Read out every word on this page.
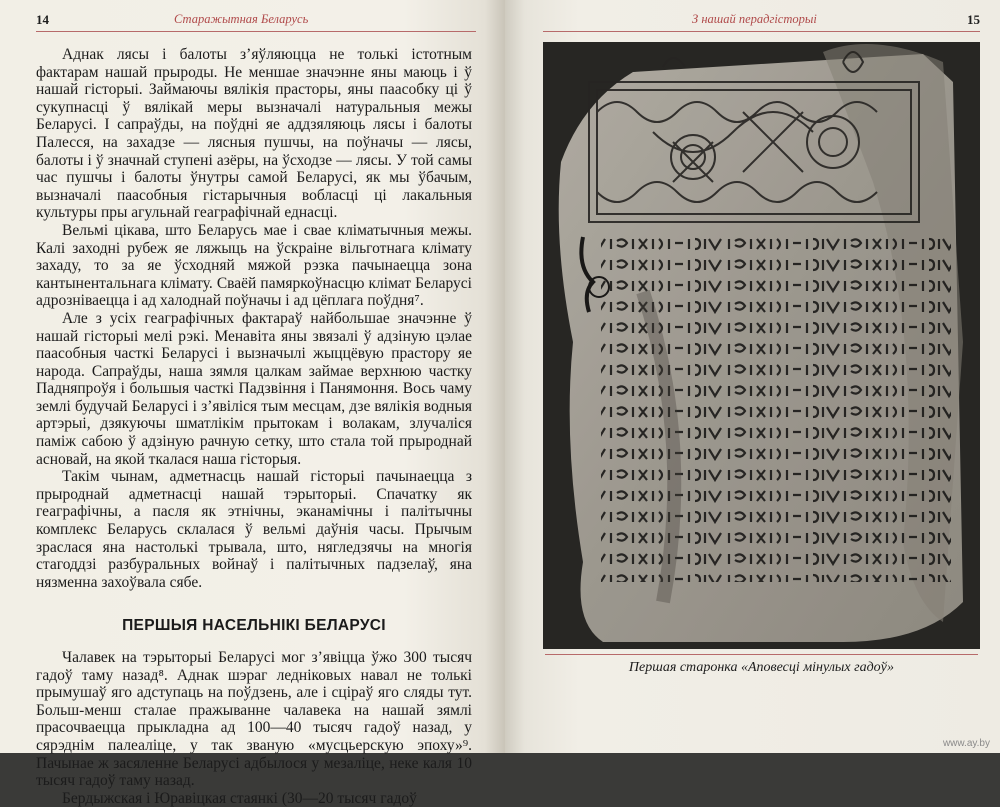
14	Старажытная Беларусь

Аднак лясы і балоты з’яўляюцца не толькі істотным фактарам нашай прыроды. Не меншае значэнне яны маюць і ў нашай гісторыі. Займаючы вялікія прасторы, яны паасобку ці ў сукупнасці ў вялікай меры вызначалі натуральныя межы Беларусі. І сапраўды, на поўдні яе аддзяляюць лясы і балоты Палесся, на захадзе — лясныя пушчы, на поўначы — лясы, балоты і ў значнай ступені азёры, на ўсходзе — лясы. У той самы час пушчы і балоты ўнутры самой Беларусі, як мы ўбачым, вызначалі паасобныя гістарычныя вобласці ці лакальныя культуры пры агульнай геаграфічнай еднасці.

Вельмі цікава, што Беларусь мае і свае кліматычныя межы. Калі заходні рубеж яе ляжыць на ўскраіне вільготнага клімату захаду, то за яе ўсходняй мяжой рэзка пачынаецца зона кантынентальнага клімату. Сваёй памяркоўнасцю клімат Беларусі адрозніваецца і ад халоднай поўначы і ад цёплага поўдня⁷.

Але з усіх геаграфічных фактараў найбольшае значэнне ў нашай гісторыі мелі рэкі. Менавіта яны звязалі ў адзіную цэлае паасобныя часткі Беларусі і вызначылі жыццёвую прастору яе народа. Сапраўды, наша зямля цалкам займае верхнюю частку Падняпроўя і большыя часткі Падзвіння і Панямоння. Вось чаму землі будучай Беларусі і з’явіліся тым месцам, дзе вялікія водныя артэрыі, дзякуючы шматлікім прытокам і волакам, злучаліся паміж сабою ў адзіную рачную сетку, што стала той прыроднай асновай, на якой ткалася наша гісторыя.

Такім чынам, адметнасць нашай гісторыі пачынаецца з прыроднай адметнасці нашай тэрыторыі. Спачатку як геаграфічны, а пасля як этнічны, эканамічны і палітычны комплекс Беларусь склалася ў вельмі даўнія часы. Прычым зраслася яна настолькі трывала, што, нягледзячы на многія стагоддзі разбуральных войнаў і палітычных падзелаў, яна нязменна захоўвала сябе.

ПЕРШЫЯ НАСЕЛЬНІКІ БЕЛАРУСІ

Чалавек на тэрыторыі Беларусі мог з’явіцца ўжо 300 тысяч гадоў таму назад⁸. Аднак шэраг ледніковых навал не толькі прымушаў яго адступаць на поўдзень, але і сціраў яго сляды тут. Больш-менш сталае пражыванне чалавека на нашай зямлі прасочваецца прыкладна ад 100—40 тысяч гадоў назад, у сярэднім палеаліце, у так званую «мусцьерскую эпоху»⁹. Пачынае ж засяленне Беларусі адбылося у мезаліце, неке каля 10 тысяч гадоў таму назад.

Бердыжская і Юравіцкая стаянкі (30—20 тысяч гадоў

З нашай перадгісторыі	15
Першая старонка «Аповесці мінулых гадоў»
www.ay.by
